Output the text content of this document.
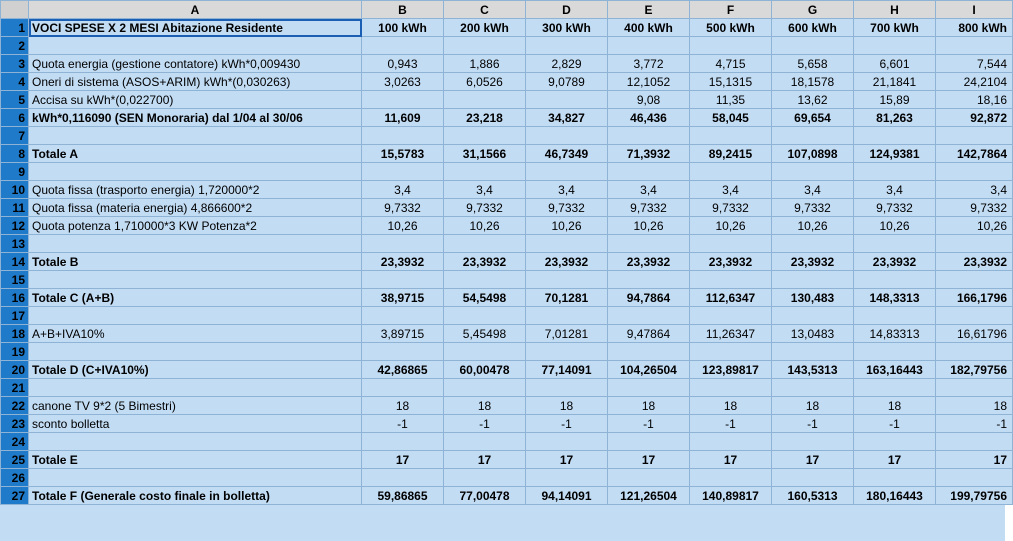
	A	B	C	D	E	F	G	H	I
1	VOCI SPESE X 2 MESI Abitazione Residente	100 kWh	200 kWh	300 kWh	400 kWh	500 kWh	600 kWh	700 kWh	800 kWh
2									
3	Quota energia (gestione contatore) kWh*0,009430	0,943	1,886	2,829	3,772	4,715	5,658	6,601	7,544
4	Oneri di sistema (ASOS+ARIM) kWh*(0,030263)	3,0263	6,0526	9,0789	12,1052	15,1315	18,1578	21,1841	24,2104
5	Accisa su kWh*(0,022700)				9,08	11,35	13,62	15,89	18,16
6	kWh*0,116090 (SEN Monoraria) dal 1/04 al 30/06	11,609	23,218	34,827	46,436	58,045	69,654	81,263	92,872
7									
8	Totale A	15,5783	31,1566	46,7349	71,3932	89,2415	107,0898	124,9381	142,7864
9									
10	Quota fissa (trasporto energia) 1,720000*2	3,4	3,4	3,4	3,4	3,4	3,4	3,4	3,4
11	Quota fissa (materia energia) 4,866600*2	9,7332	9,7332	9,7332	9,7332	9,7332	9,7332	9,7332	9,7332
12	Quota potenza 1,710000*3 KW Potenza*2	10,26	10,26	10,26	10,26	10,26	10,26	10,26	10,26
13									
14	Totale B	23,3932	23,3932	23,3932	23,3932	23,3932	23,3932	23,3932	23,3932
15									
16	Totale C (A+B)	38,9715	54,5498	70,1281	94,7864	112,6347	130,483	148,3313	166,1796
17									
18	A+B+IVA10%	3,89715	5,45498	7,01281	9,47864	11,26347	13,0483	14,83313	16,61796
19									
20	Totale D (C+IVA10%)	42,86865	60,00478	77,14091	104,26504	123,89817	143,5313	163,16443	182,79756
21									
22	canone TV 9*2 (5 Bimestri)	18	18	18	18	18	18	18	18
23	sconto bolletta	-1	-1	-1	-1	-1	-1	-1	-1
24									
25	Totale E	17	17	17	17	17	17	17	17
26									
27	Totale F (Generale costo finale in bolletta)	59,86865	77,00478	94,14091	121,26504	140,89817	160,5313	180,16443	199,79756
